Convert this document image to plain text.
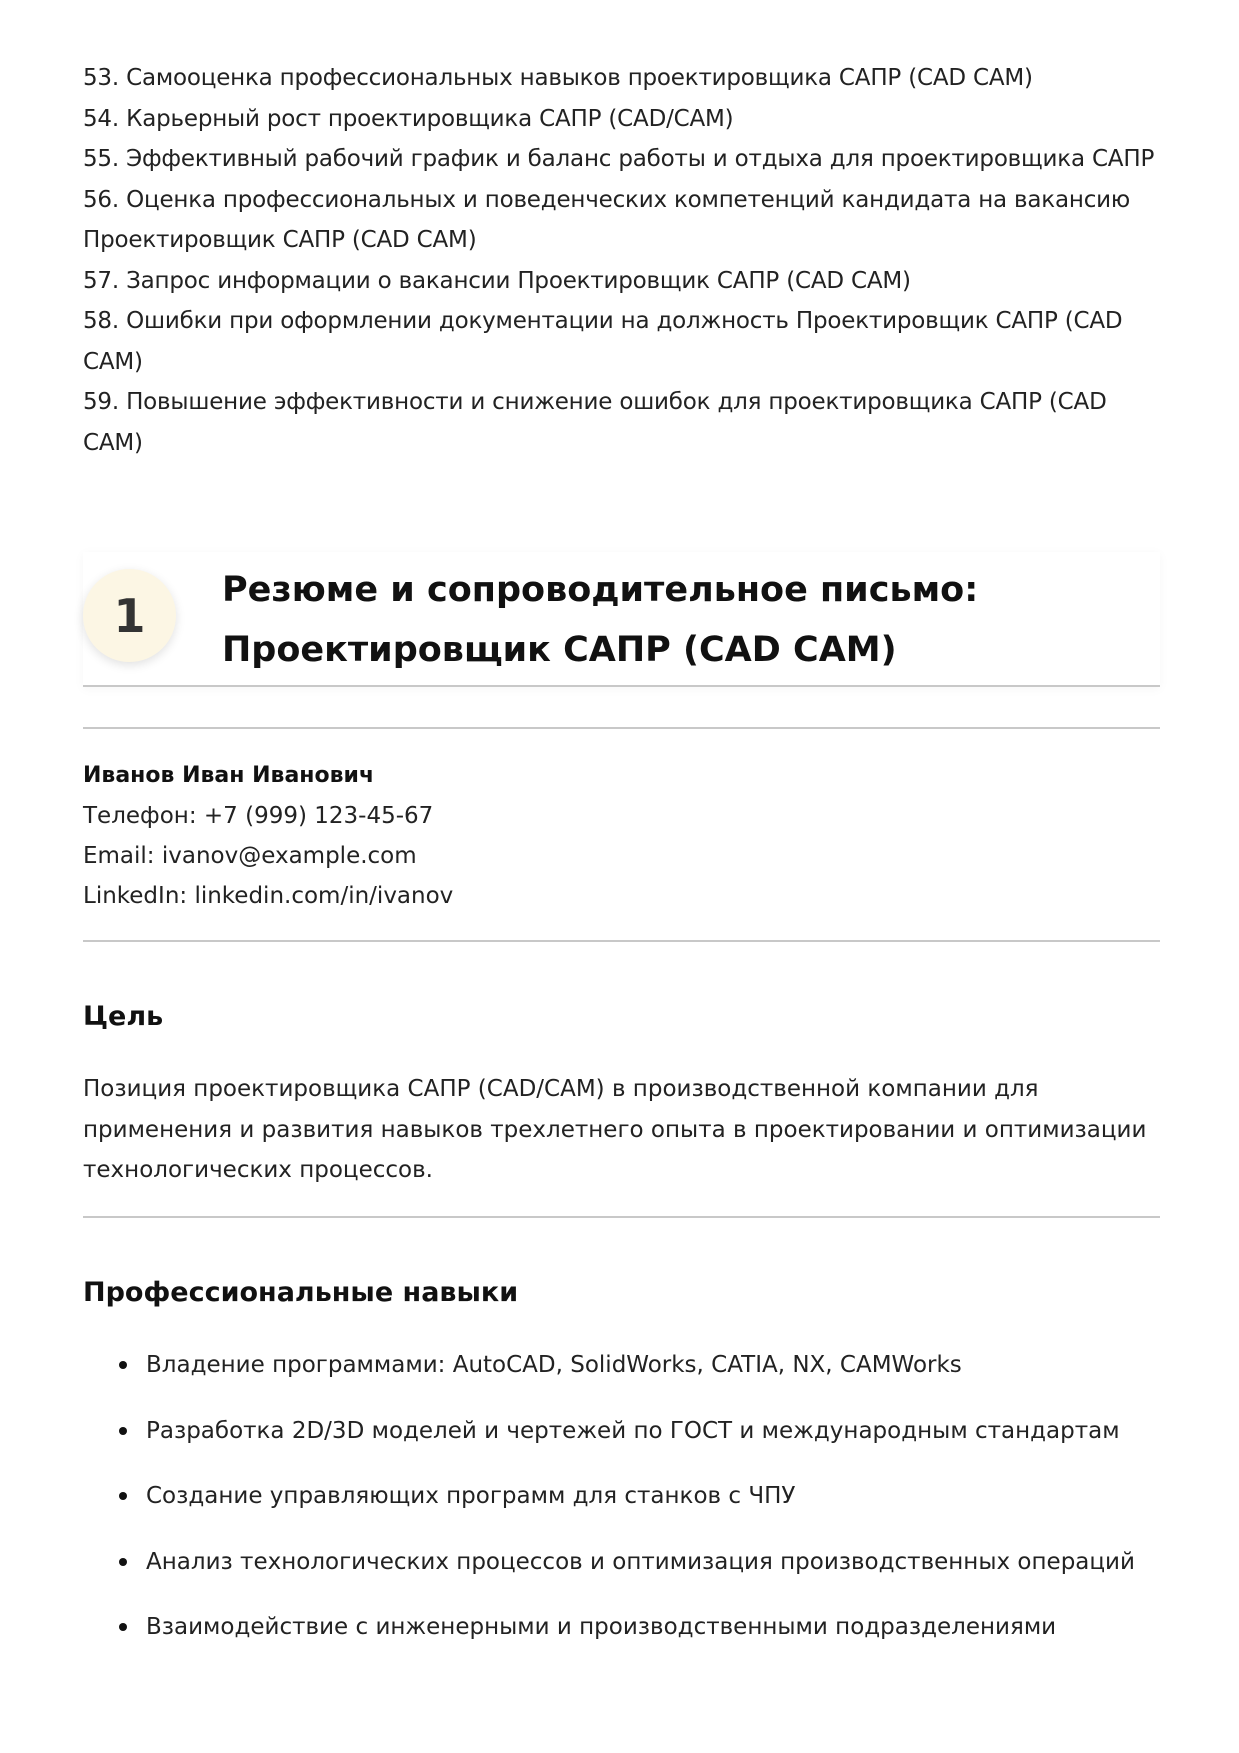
53. Самооценка профессиональных навыков проектировщика САПР (CAD CAM)
54. Карьерный рост проектировщика САПР (CAD/CAM)
55. Эффективный рабочий график и баланс работы и отдыха для проектировщика САПР
56. Оценка профессиональных и поведенческих компетенций кандидата на вакансию Проектировщик САПР (CAD CAM)
57. Запрос информации о вакансии Проектировщик САПР (CAD CAM)
58. Ошибки при оформлении документации на должность Проектировщик САПР (CAD CAM)
59. Повышение эффективности и снижение ошибок для проектировщика САПР (CAD CAM)
1	Резюме и сопроводительное письмо: Проектировщик САПР (CAD CAM)
Иванов Иван Иванович
Телефон: +7 (999) 123-45-67
Email: ivanov@example.com
LinkedIn: linkedin.com/in/ivanov
Цель

Позиция проектировщика САПР (CAD/CAM) в производственной компании для применения и развития навыков трехлетнего опыта в проектировании и оптимизации технологических процессов.

Профессиональные навыки
Владение программами: AutoCAD, SolidWorks, CATIA, NX, CAMWorks
Разработка 2D/3D моделей и чертежей по ГОСТ и международным стандартам
Создание управляющих программ для станков с ЧПУ
Анализ технологических процессов и оптимизация производственных операций
Взаимодействие с инженерными и производственными подразделениями
